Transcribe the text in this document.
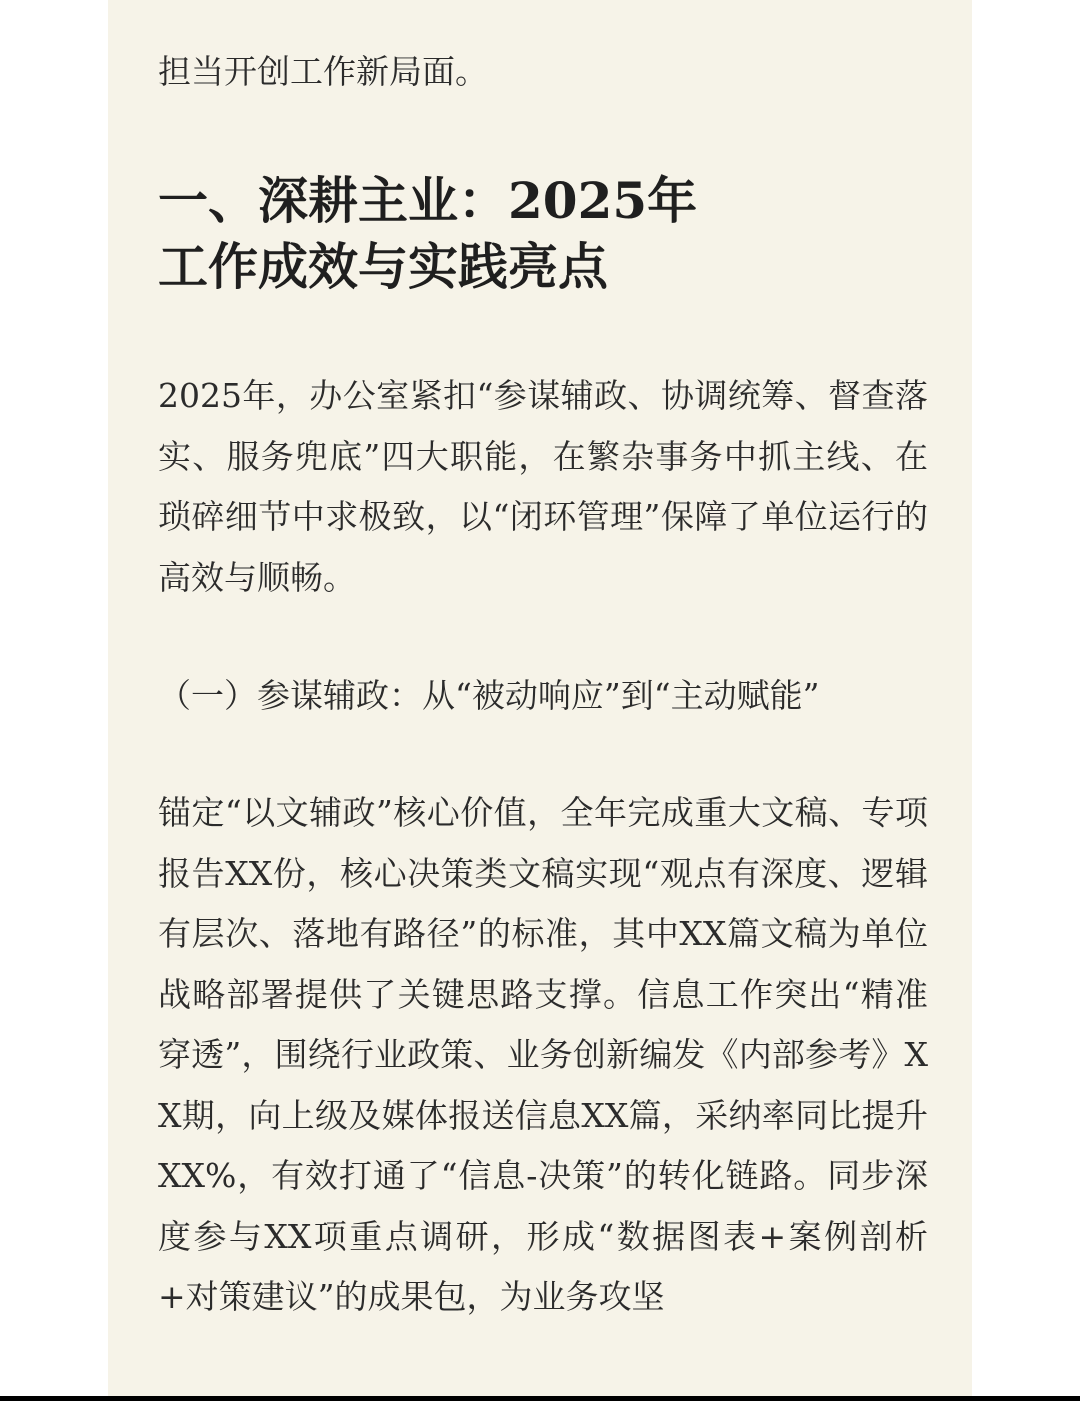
担当开创工作新局面。

一、深耕主业：2025年
工作成效与实践亮点

2025年，办公室紧扣“参谋辅政、协调统筹、督查落实、服务兜底”四大职能，在繁杂事务中抓主线、在琐碎细节中求极致，以“闭环管理”保障了单位运行的高效与顺畅。

（一）参谋辅政：从“被动响应”到“主动赋能”

锚定“以文辅政”核心价值，全年完成重大文稿、专项报告XX份，核心决策类文稿实现“观点有深度、逻辑有层次、落地有路径”的标准，其中XX篇文稿为单位战略部署提供了关键思路支撑。信息工作突出“精准穿透”，围绕行业政策、业务创新编发《内部参考》XX期，向上级及媒体报送信息XX篇，采纳率同比提升XX%，有效打通了“信息-决策”的转化链路。同步深度参与XX项重点调研，形成“数据图表+案例剖析+对策建议”的成果包，为业务攻坚
